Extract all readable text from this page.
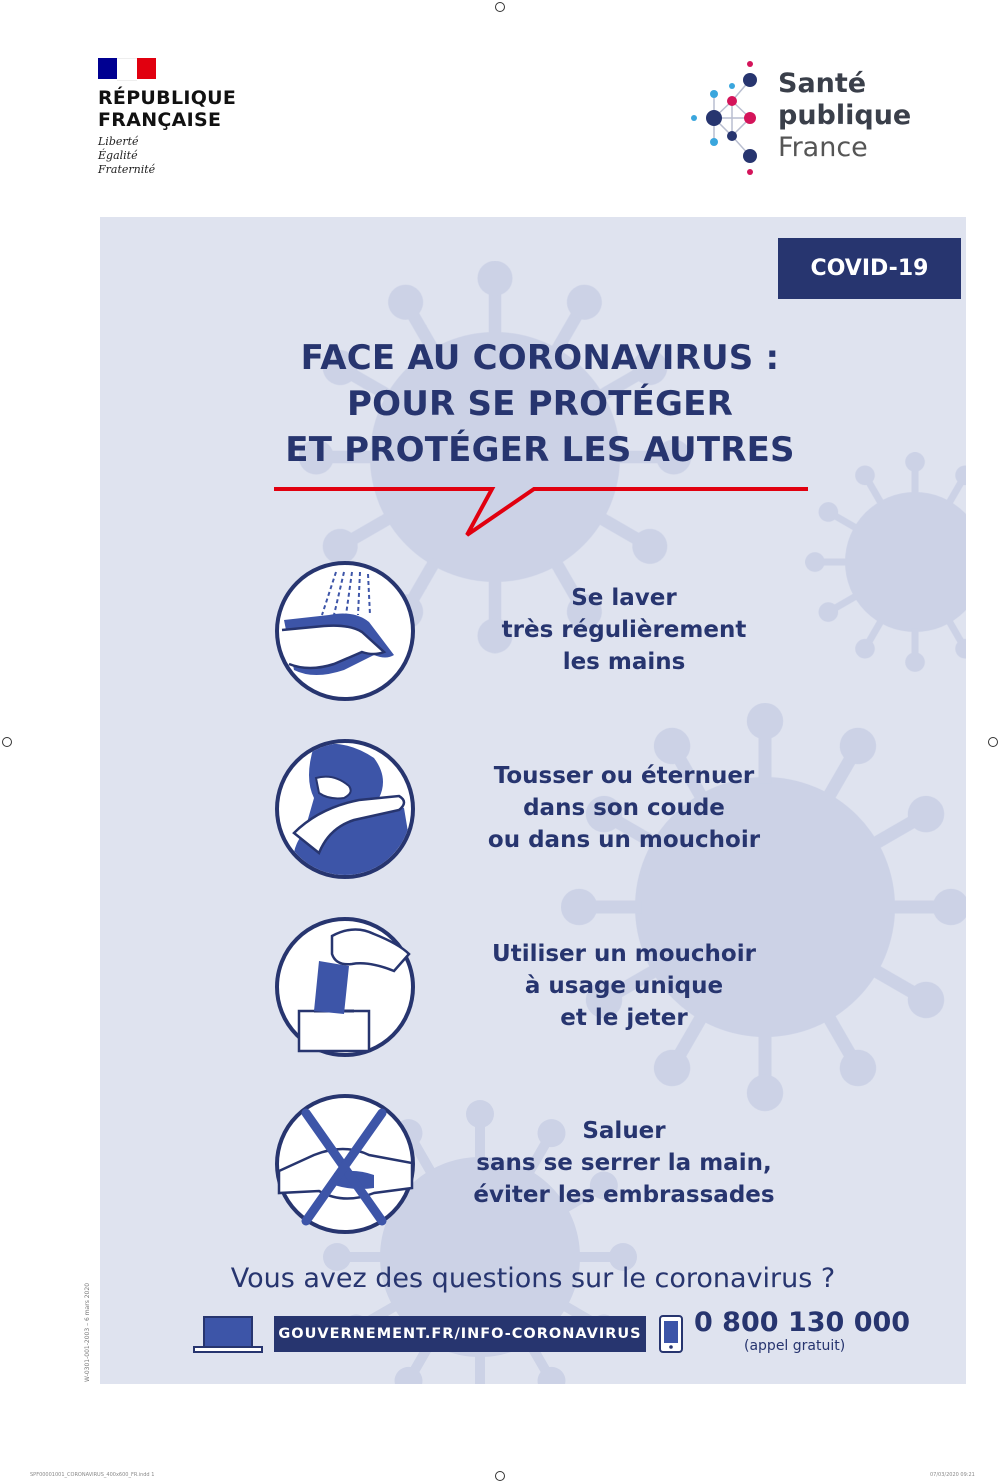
RÉPUBLIQUE
FRANÇAISE
Liberté
Égalité
Fraternité
Santé
publique
France
COVID-19
FACE AU CORONAVIRUS :
POUR SE PROTÉGER
ET PROTÉGER LES AUTRES
Se laver
très régulièrement
les mains
Tousser ou éternuer
dans son coude
ou dans un mouchoir
Utiliser un mouchoir
à usage unique
et le jeter
Saluer
sans se serrer la main,
éviter les embrassades
Vous avez des questions sur le coronavirus ?
GOUVERNEMENT.FR/INFO-CORONAVIRUS 0 800 130 000
(appel gratuit)
W-0301-001-2003 – 6 mars 2020
SPF00001001_CORONAVIRUS_400x600_FR.indd 1	07/03/2020 09:21
